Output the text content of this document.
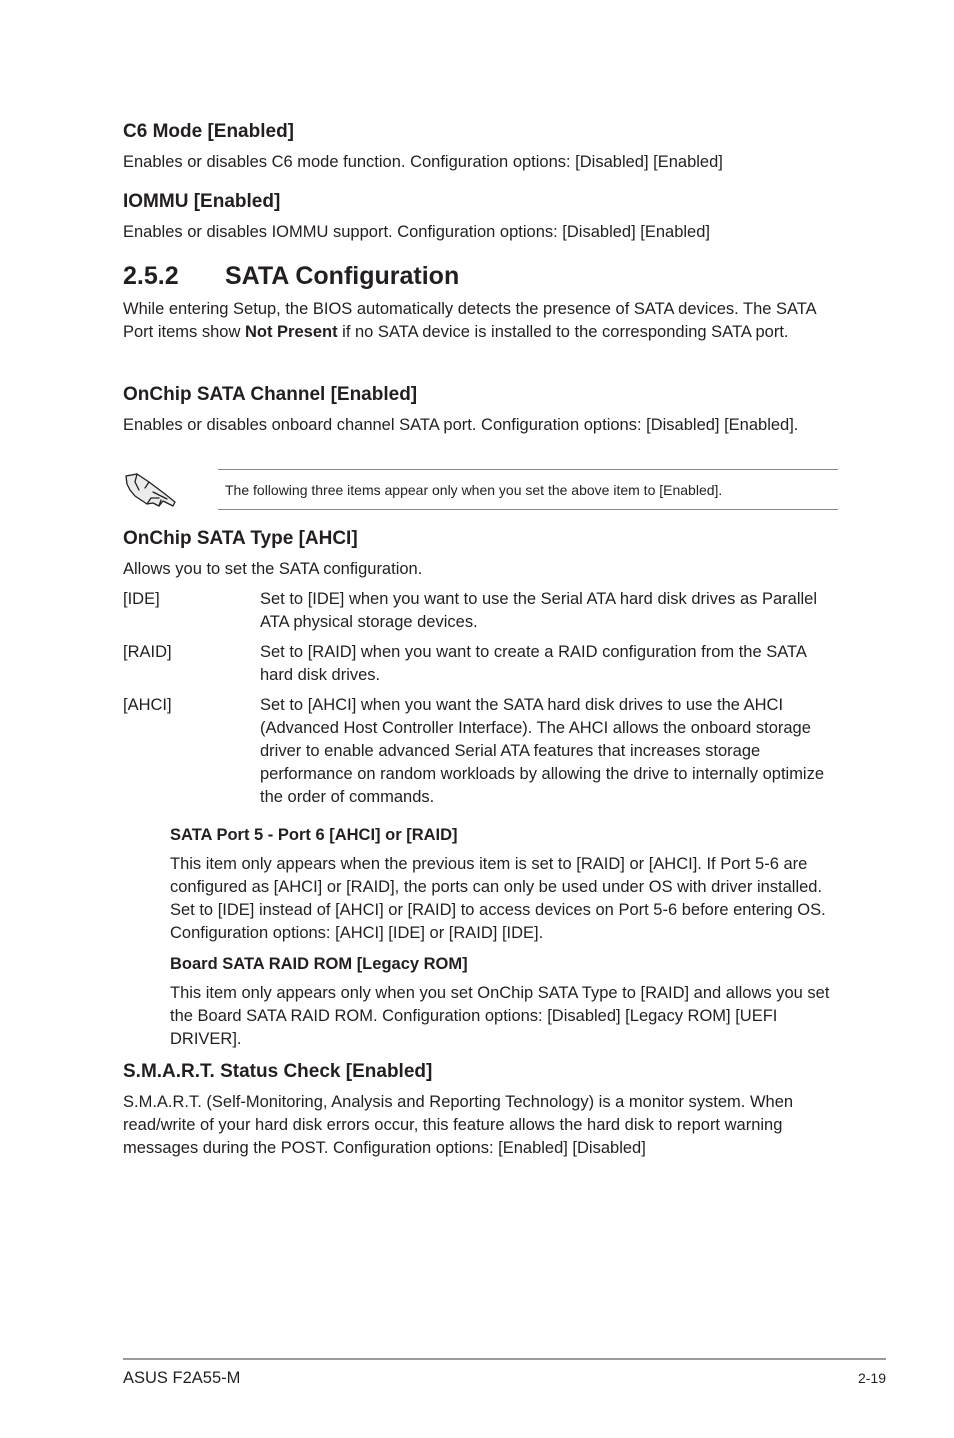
C6 Mode [Enabled]
Enables or disables C6 mode function. Configuration options: [Disabled] [Enabled]
IOMMU [Enabled]
Enables or disables IOMMU support. Configuration options: [Disabled] [Enabled]
2.5.2 SATA Configuration
While entering Setup, the BIOS automatically detects the presence of SATA devices. The SATA Port items show Not Present if no SATA device is installed to the corresponding SATA port.
OnChip SATA Channel [Enabled]
Enables or disables onboard channel SATA port. Configuration options: [Disabled] [Enabled].
The following three items appear only when you set the above item to [Enabled].
OnChip SATA Type [AHCI]
Allows you to set the SATA configuration.
[IDE]	Set to [IDE] when you want to use the Serial ATA hard disk drives as Parallel ATA physical storage devices.
[RAID]	Set to [RAID] when you want to create a RAID configuration from the SATA hard disk drives.
[AHCI]	Set to [AHCI] when you want the SATA hard disk drives to use the AHCI (Advanced Host Controller Interface). The AHCI allows the onboard storage driver to enable advanced Serial ATA features that increases storage performance on random workloads by allowing the drive to internally optimize the order of commands.
SATA Port 5 - Port 6 [AHCI] or [RAID]
This item only appears when the previous item is set to [RAID] or [AHCI]. If Port 5-6 are configured as [AHCI] or [RAID], the ports can only be used under OS with driver installed. Set to [IDE] instead of [AHCI] or [RAID] to access devices on Port 5-6 before entering OS. Configuration options: [AHCI] [IDE] or [RAID] [IDE].
Board SATA RAID ROM [Legacy ROM]
This item only appears only when you set OnChip SATA Type to [RAID] and allows you set the Board SATA RAID ROM. Configuration options: [Disabled] [Legacy ROM] [UEFI DRIVER].
S.M.A.R.T. Status Check [Enabled]
S.M.A.R.T. (Self-Monitoring, Analysis and Reporting Technology) is a monitor system. When read/write of your hard disk errors occur, this feature allows the hard disk to report warning messages during the POST. Configuration options: [Enabled] [Disabled]
ASUS F2A55-M	2-19
